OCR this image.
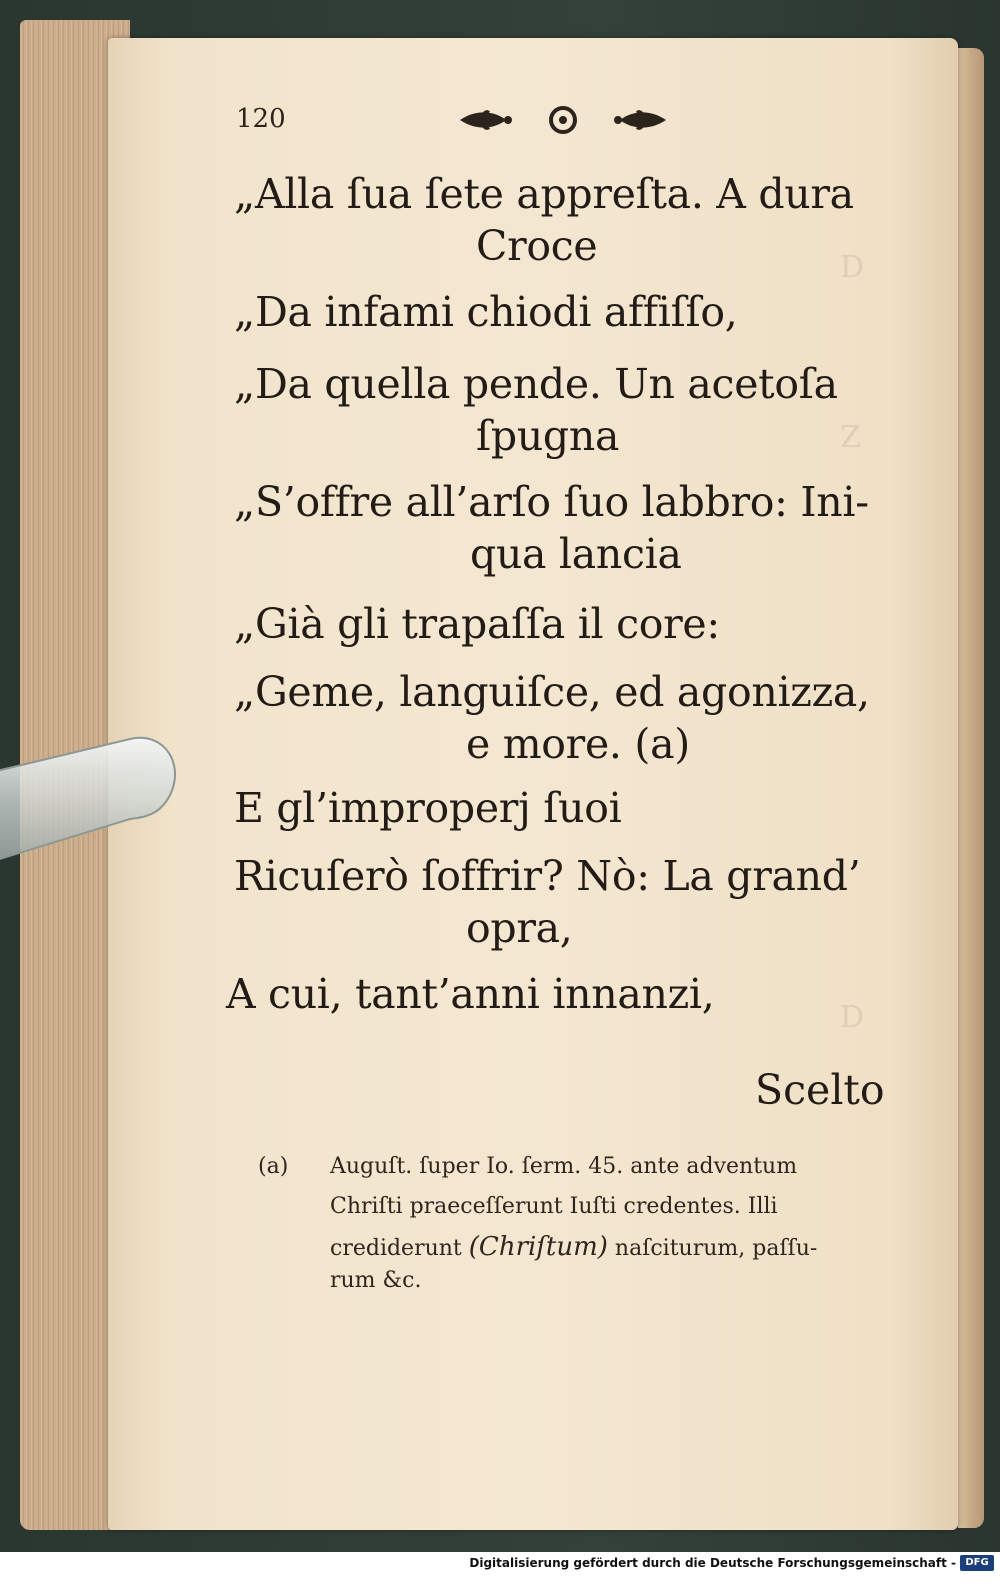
D
Z
D
120
„Alla ſua ſete appreſta. A dura
Croce
„Da infami chiodi affiſſo,
„Da quella pende. Un acetoſa
ſpugna
„S’offre all’arſo ſuo labbro: Ini-
qua lancia
„Già gli trapaſſa il core:
„Geme, languiſce, ed agonizza,
e more. (a)
E gl’improperj ſuoi
Ricuſerò ſoffrir? Nò: La grand’
opra,
A cui, tant’anni innanzi,
Scelto
(a) Auguſt. ſuper Io. ſerm. 45. ante adventum
Chriſti praeceſſerunt Iuſti credentes. Illi
crediderunt (Chriſtum) naſciturum, paſſu-
rum &c.
Digitalisierung gefördert durch die Deutsche Forschungsgemeinschaft - DFG
